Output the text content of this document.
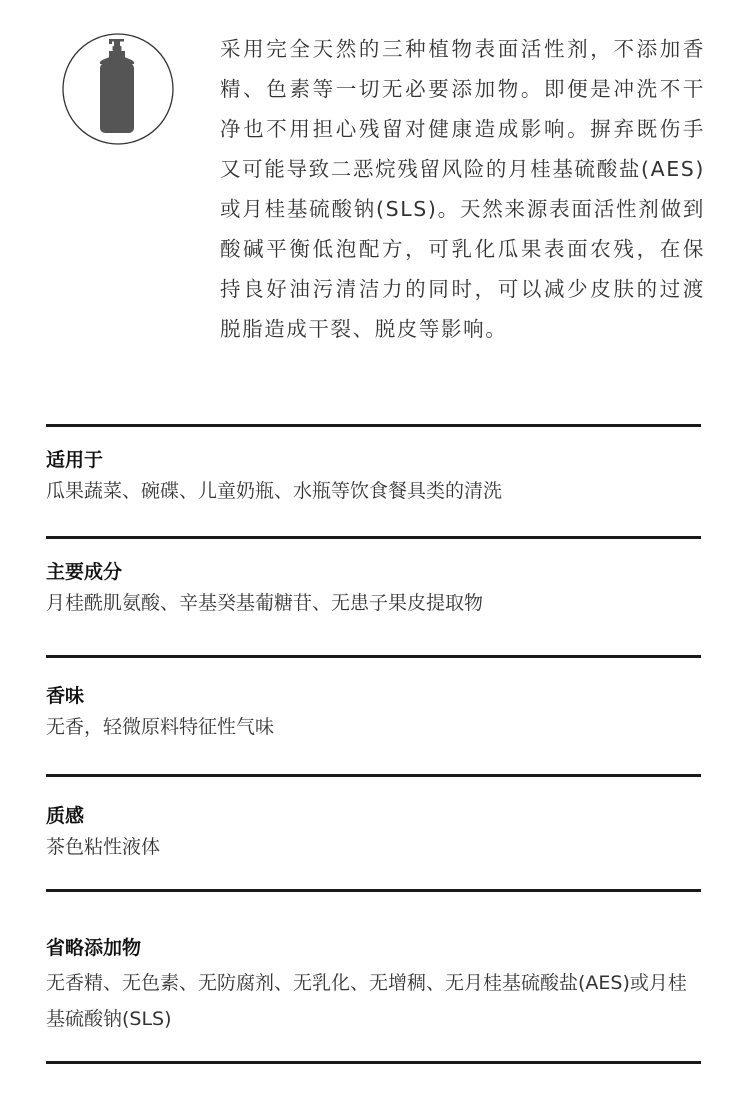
采用完全天然的三种植物表面活性剂，不添加香精、色素等一切无必要添加物。即便是冲洗不干净也不用担心残留对健康造成影响。摒弃既伤手又可能导致二恶烷残留风险的月桂基硫酸盐(AES)或月桂基硫酸钠(SLS)。天然来源表面活性剂做到酸碱平衡低泡配方，可乳化瓜果表面农残，在保持良好油污清洁力的同时，可以减少皮肤的过渡脱脂造成干裂、脱皮等影响。

适用于

瓜果蔬菜、碗碟、儿童奶瓶、水瓶等饮食餐具类的清洗

主要成分

月桂酰肌氨酸、辛基癸基葡糖苷、无患子果皮提取物

香味

无香，轻微原料特征性气味

质感

茶色粘性液体

省略添加物

无香精、无色素、无防腐剂、无乳化、无增稠、无月桂基硫酸盐(AES)或月桂基硫酸钠(SLS)
